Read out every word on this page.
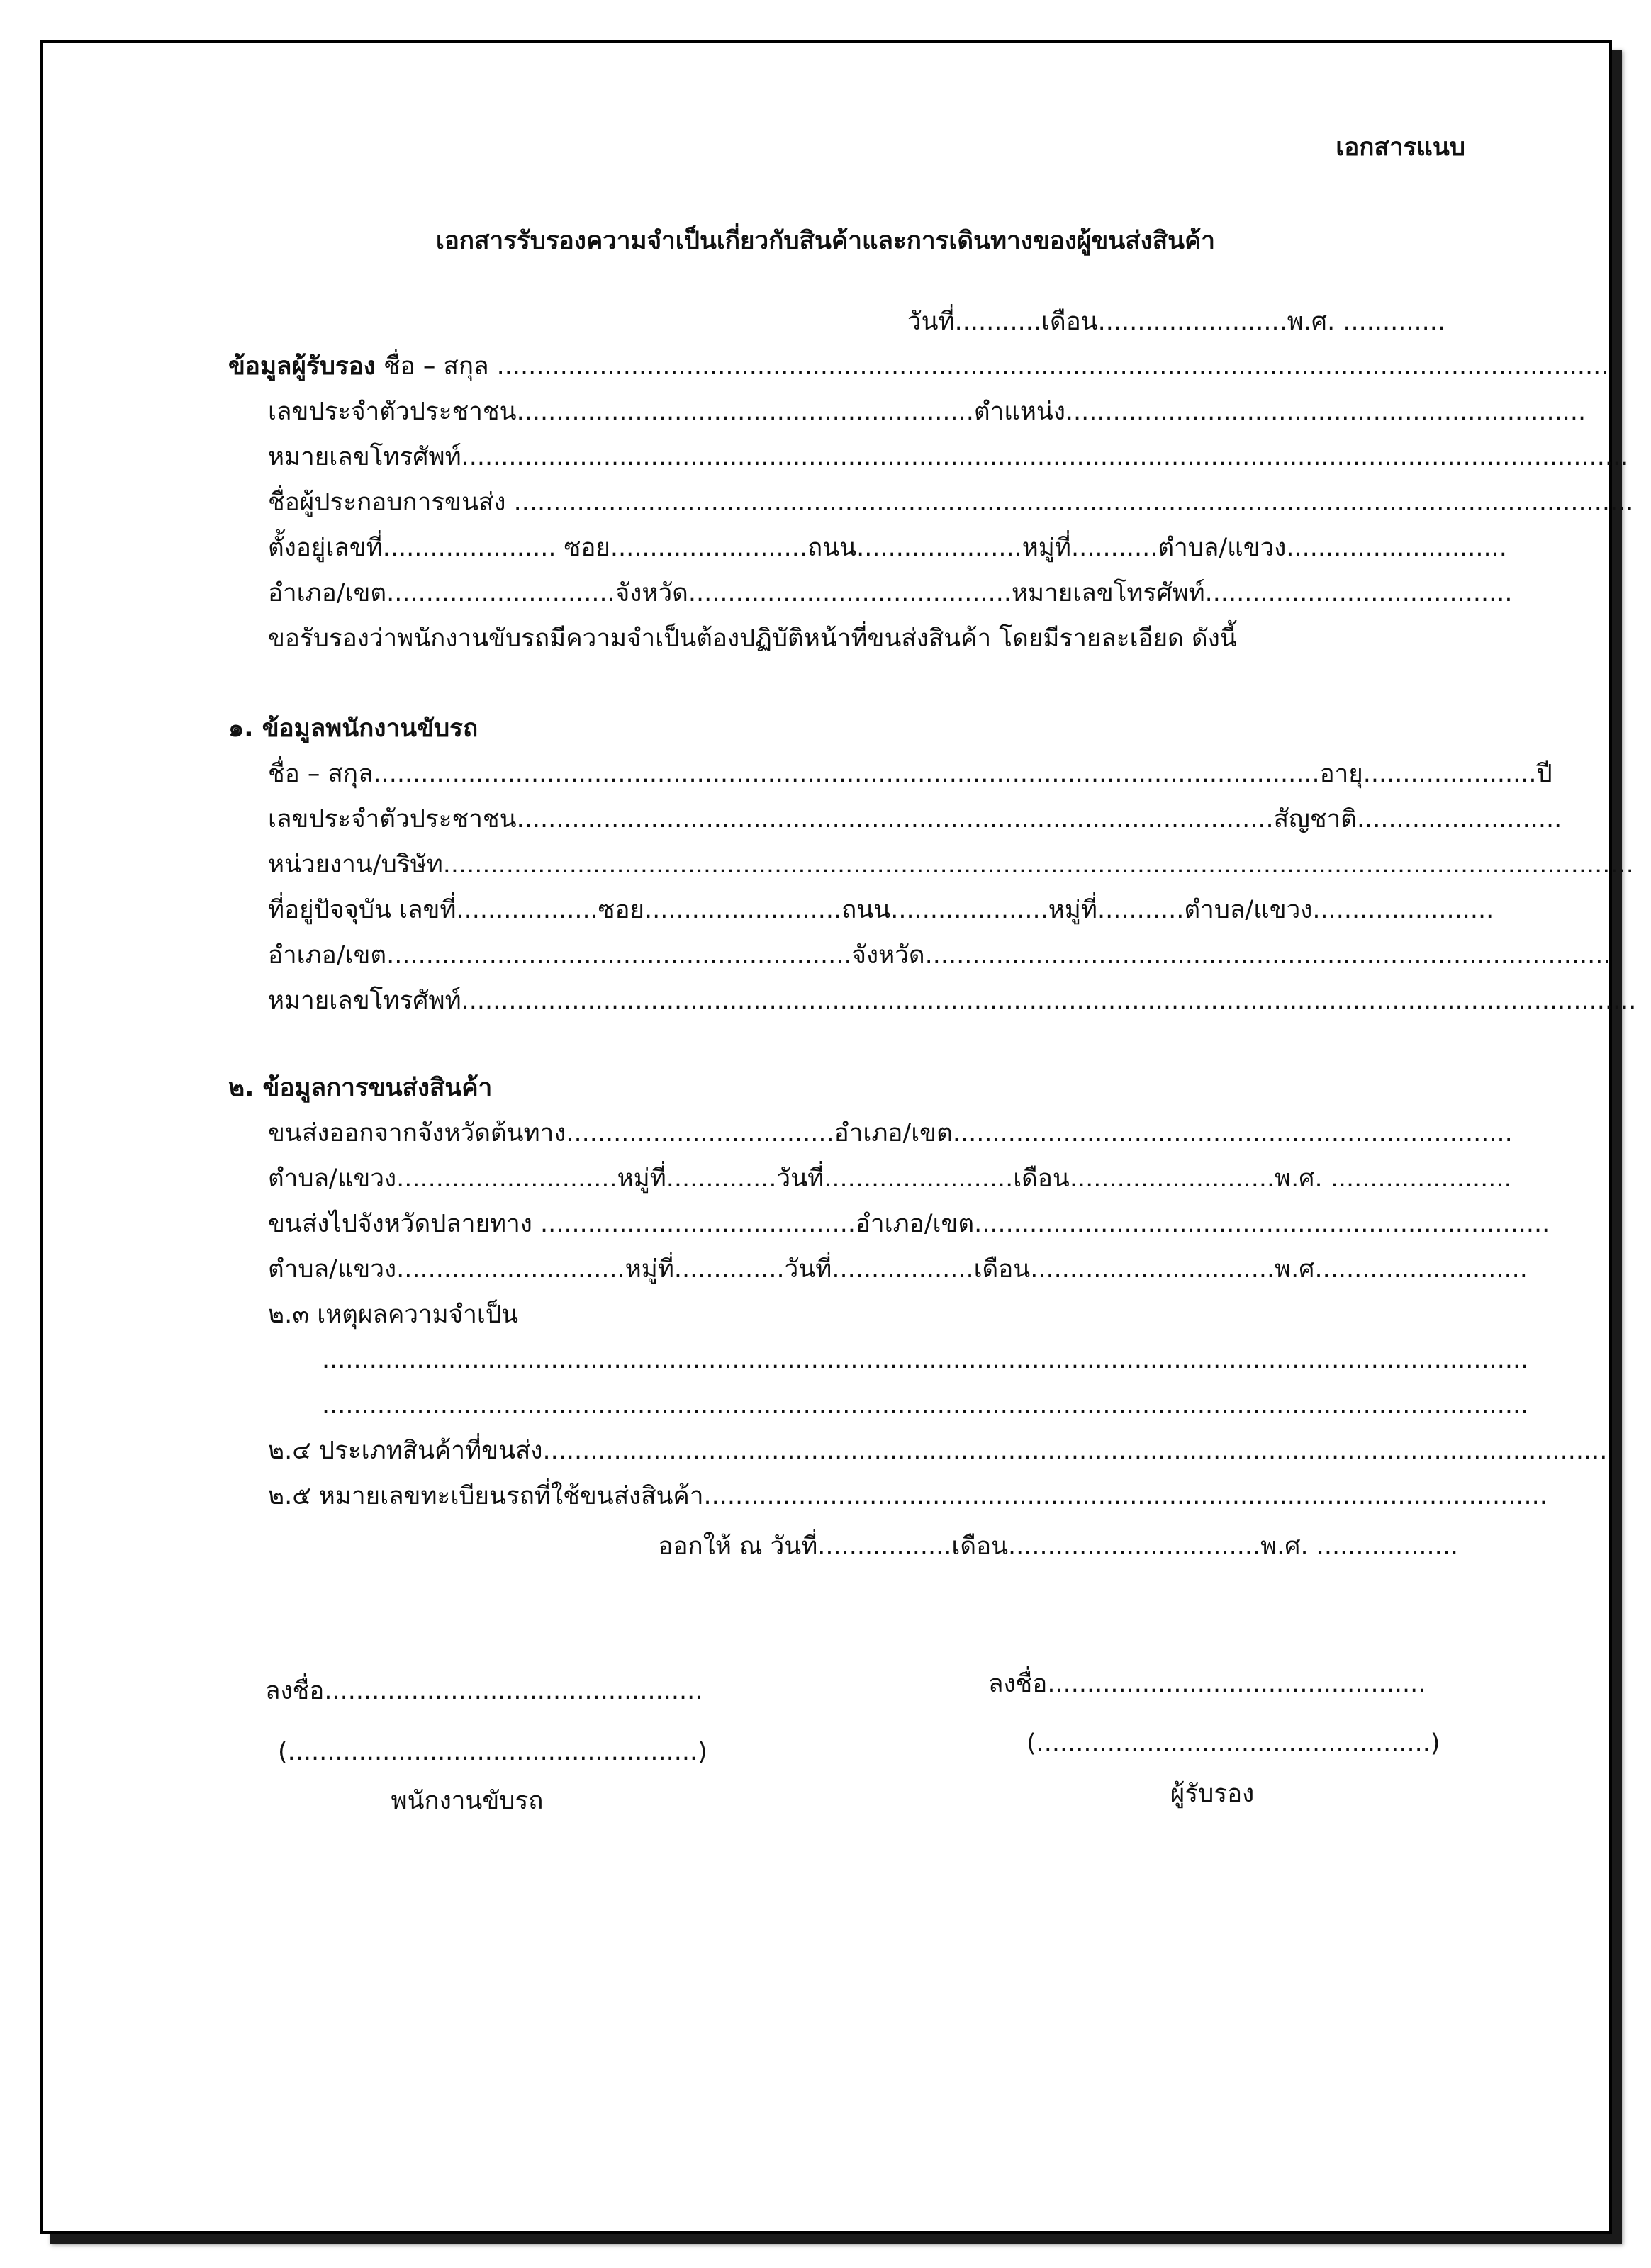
เอกสารแนบ
เอกสารรับรองความจำเป็นเกี่ยวกับสินค้าและการเดินทางของผู้ขนส่งสินค้า
วันที่...........เดือน........................พ.ศ. .............
ข้อมูลผู้รับรอง ชื่อ – สกุล .............................................................................................................................................
เลขประจำตัวประชาชน..........................................................ตำแหน่ง..................................................................
หมายเลขโทรศัพท์....................................................................................................................................................
ชื่อผู้ประกอบการขนส่ง ..............................................................................................................................................
ตั้งอยู่เลขที่...................... ซอย.........................ถนน.....................หมู่ที่...........ตำบล/แขวง............................
อำเภอ/เขต.............................จังหวัด.........................................หมายเลขโทรศัพท์.......................................
ขอรับรองว่าพนักงานขับรถมีความจำเป็นต้องปฏิบัติหน้าที่ขนส่งสินค้า โดยมีรายละเอียด ดังนี้
๑. ข้อมูลพนักงานขับรถ
ชื่อ – สกุล........................................................................................................................อายุ......................ปี
เลขประจำตัวประชาชน................................................................................................สัญชาติ..........................
หน่วยงาน/บริษัท.......................................................................................................................................................
ที่อยู่ปัจจุบัน เลขที่..................ซอย.........................ถนน....................หมู่ที่...........ตำบล/แขวง.......................
อำเภอ/เขต...........................................................จังหวัด.......................................................................................
หมายเลขโทรศัพท์.....................................................................................................................................................
๒. ข้อมูลการขนส่งสินค้า
ขนส่งออกจากจังหวัดต้นทาง..................................อำเภอ/เขต.......................................................................
ตำบล/แขวง............................หมู่ที่..............วันที่........................เดือน..........................พ.ศ. .......................
ขนส่งไปจังหวัดปลายทาง ........................................อำเภอ/เขต.........................................................................
ตำบล/แขวง.............................หมู่ที่..............วันที่..................เดือน...............................พ.ศ...........................
๒.๓ เหตุผลความจำเป็น
.........................................................................................................................................................
.........................................................................................................................................................
๒.๔ ประเภทสินค้าที่ขนส่ง.......................................................................................................................................
๒.๕ หมายเลขทะเบียนรถที่ใช้ขนส่งสินค้า...........................................................................................................
ออกให้ ณ วันที่.................เดือน................................พ.ศ. ..................
ลงชื่อ................................................
(....................................................)
พนักงานขับรถ
ลงชื่อ................................................
(..................................................)
ผู้รับรอง
